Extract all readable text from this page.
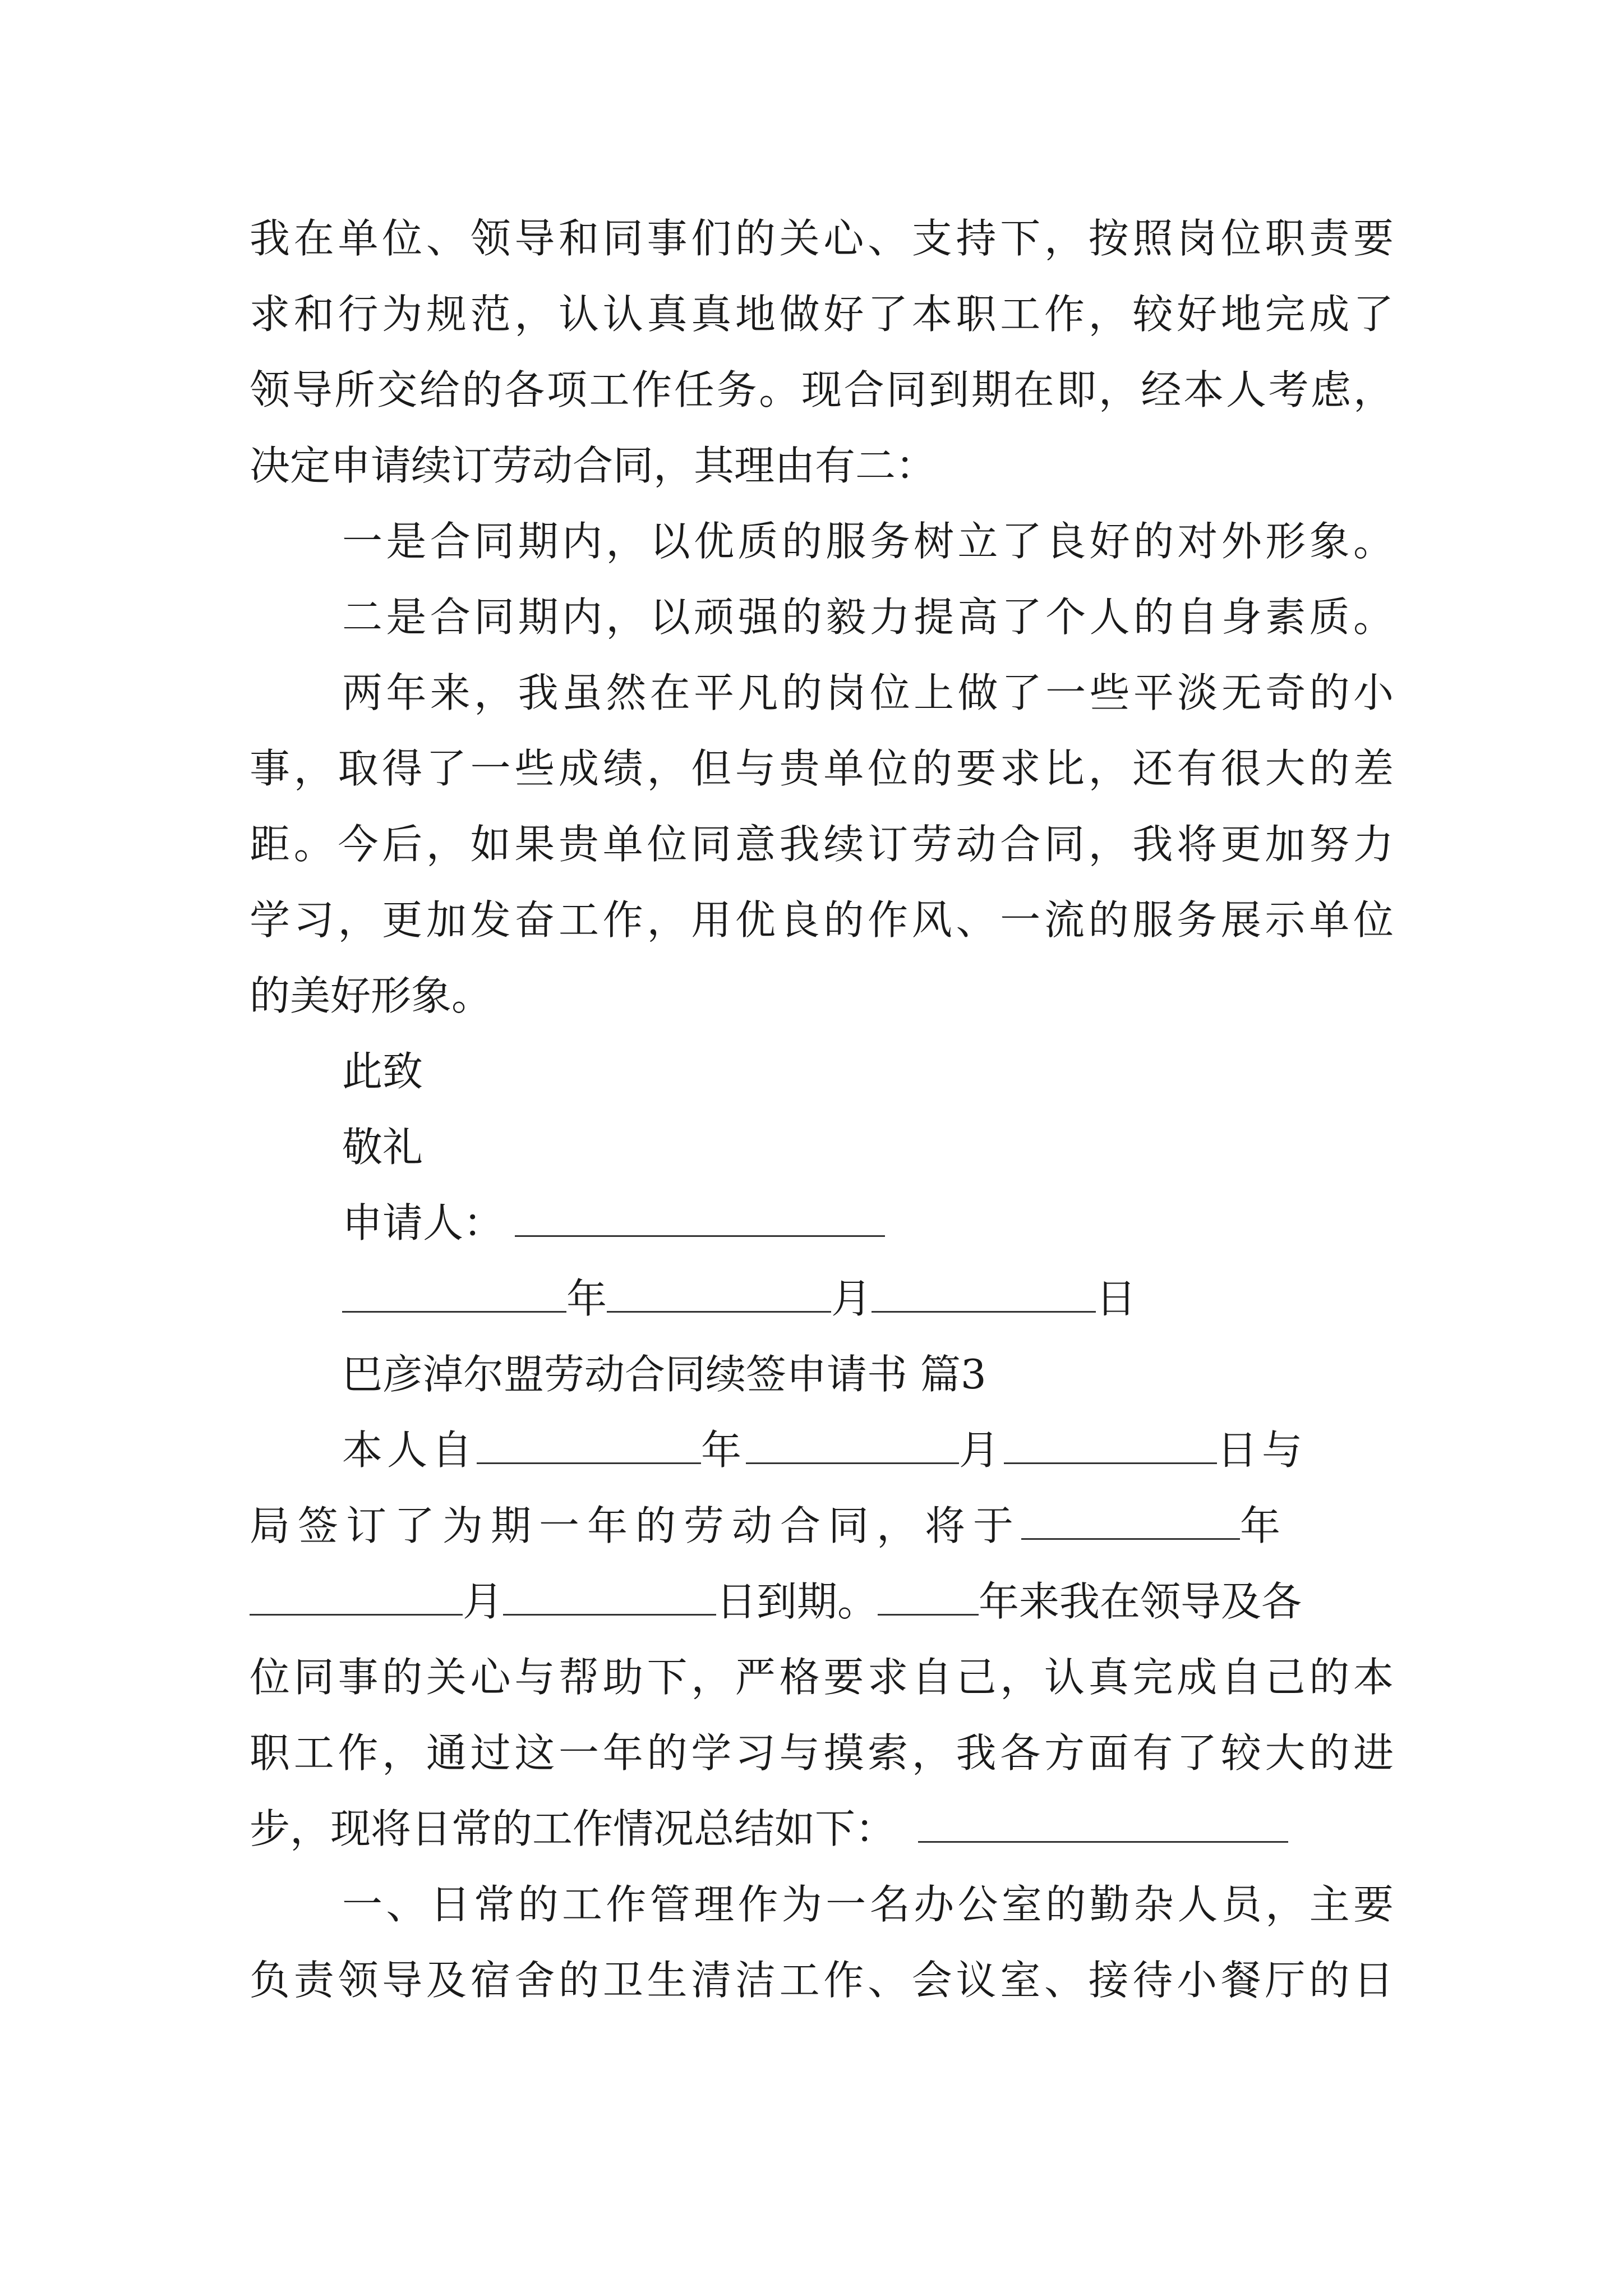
我在单位、领导和同事们的关心、支持下，按照岗位职责要
求和行为规范，认认真真地做好了本职工作，较好地完成了
领导所交给的各项工作任务。现合同到期在即，经本人考虑，
决定申请续订劳动合同，其理由有二：
一是合同期内，以优质的服务树立了良好的对外形象。
二是合同期内，以顽强的毅力提高了个人的自身素质。
两年来，我虽然在平凡的岗位上做了一些平淡无奇的小
事，取得了一些成绩，但与贵单位的要求比，还有很大的差
距。今后，如果贵单位同意我续订劳动合同，我将更加努力
学习，更加发奋工作，用优良的作风、一流的服务展示单位
的美好形象。
此致
敬礼
申请人：
年	月	日
巴彦淖尔盟劳动合同续签申请书 篇3
本人自	年	月	日与
局签订了为期一年的劳动合同，将于	年
月	日到期。	年来我在领导及各
位同事的关心与帮助下，严格要求自己，认真完成自己的本
职工作，通过这一年的学习与摸索，我各方面有了较大的进
步，现将日常的工作情况总结如下：
一、日常的工作管理作为一名办公室的勤杂人员，主要
负责领导及宿舍的卫生清洁工作、会议室、接待小餐厅的日
